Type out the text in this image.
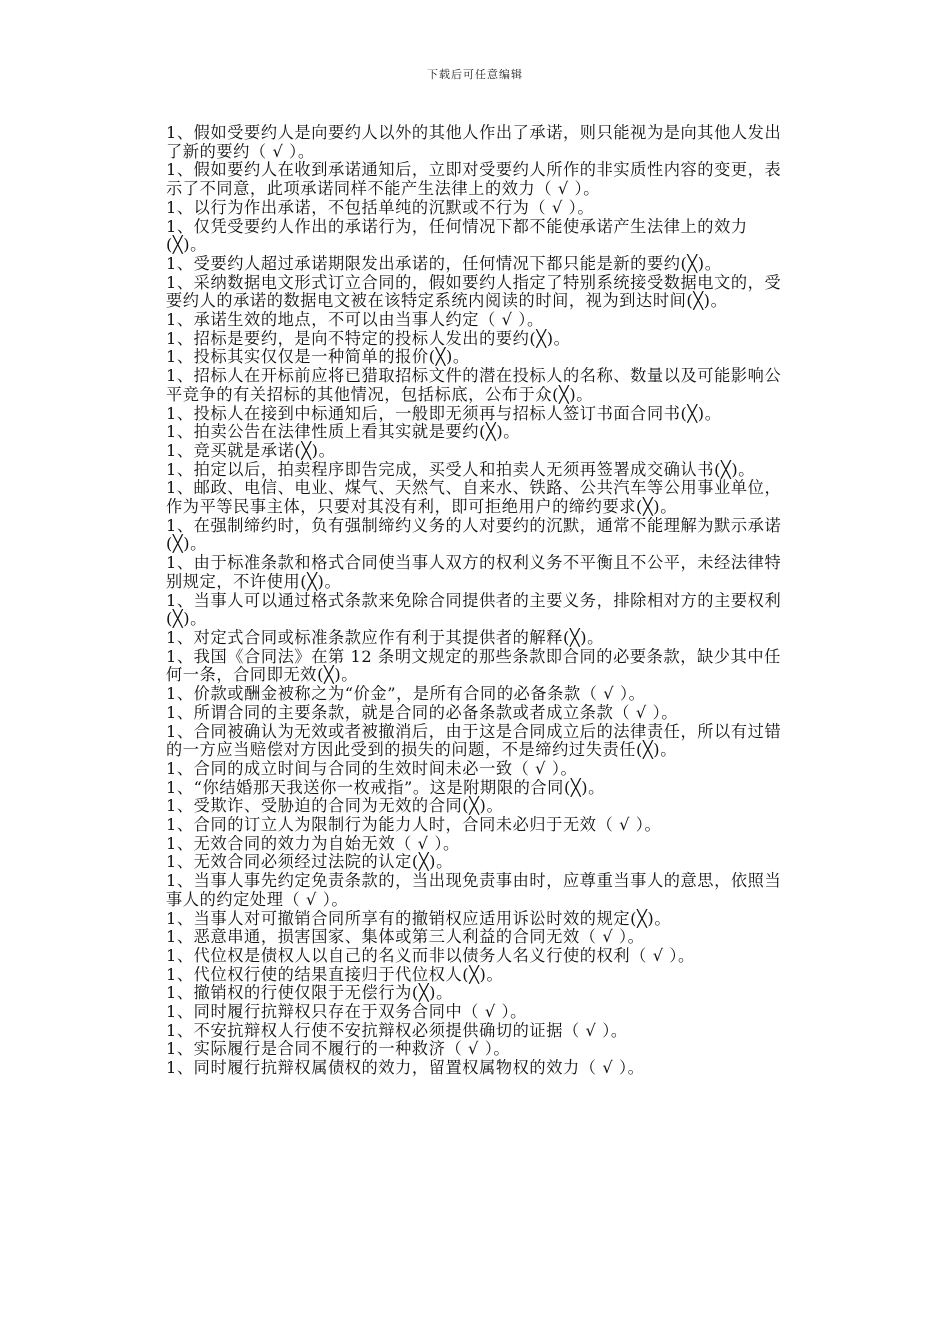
下载后可任意编辑

1、假如受要约人是向要约人以外的其他人作出了承诺，则只能视为是向其他人发出了新的要约（ √ ）。

1、假如要约人在收到承诺通知后，立即对受要约人所作的非实质性内容的变更，表示了不同意，此项承诺同样不能产生法律上的效力（ √ ）。

1、以行为作出承诺，不包括单纯的沉默或不行为（ √ ）。

1、仅凭受要约人作出的承诺行为，任何情况下都不能使承诺产生法律上的效力(╳)。

1、受要约人超过承诺期限发出承诺的，任何情况下都只能是新的要约(╳)。

1、采纳数据电文形式订立合同的，假如要约人指定了特别系统接受数据电文的，受要约人的承诺的数据电文被在该特定系统内阅读的时间，视为到达时间(╳)。

1、承诺生效的地点，不可以由当事人约定（ √ ）。

1、招标是要约，是向不特定的投标人发出的要约(╳)。

1、投标其实仅仅是一种简单的报价(╳)。

1、招标人在开标前应将已猎取招标文件的潜在投标人的名称、数量以及可能影响公平竞争的有关招标的其他情况，包括标底，公布于众(╳)。

1、投标人在接到中标通知后，一般即无须再与招标人签订书面合同书(╳)。

1、拍卖公告在法律性质上看其实就是要约(╳)。

1、竞买就是承诺(╳)。

1、拍定以后，拍卖程序即告完成，买受人和拍卖人无须再签署成交确认书(╳)。

1、邮政、电信、电业、煤气、天然气、自来水、铁路、公共汽车等公用事业单位，作为平等民事主体，只要对其没有利，即可拒绝用户的缔约要求(╳)。

1、在强制缔约时，负有强制缔约义务的人对要约的沉默，通常不能理解为默示承诺(╳)。

1、由于标准条款和格式合同使当事人双方的权利义务不平衡且不公平，未经法律特别规定，不许使用(╳)。

1、当事人可以通过格式条款来免除合同提供者的主要义务，排除相对方的主要权利(╳)。

1、对定式合同或标准条款应作有利于其提供者的解释(╳)。

1、我国《合同法》在第 12 条明文规定的那些条款即合同的必要条款，缺少其中任何一条，合同即无效(╳)。

1、价款或酬金被称之为“价金”，是所有合同的必备条款（ √ ）。

1、所谓合同的主要条款，就是合同的必备条款或者成立条款（ √ ）。

1、合同被确认为无效或者被撤消后，由于这是合同成立后的法律责任，所以有过错的一方应当赔偿对方因此受到的损失的问题，不是缔约过失责任(╳)。

1、合同的成立时间与合同的生效时间未必一致（ √ ）。

1、“你结婚那天我送你一枚戒指”。这是附期限的合同(╳)。

1、受欺诈、受胁迫的合同为无效的合同(╳)。

1、合同的订立人为限制行为能力人时，合同未必归于无效（ √ ）。

1、无效合同的效力为自始无效（ √ ）。

1、无效合同必须经过法院的认定(╳)。

1、当事人事先约定免责条款的，当出现免责事由时，应尊重当事人的意思，依照当事人的约定处理（ √ ）。

1、当事人对可撤销合同所享有的撤销权应适用诉讼时效的规定(╳)。

1、恶意串通，损害国家、集体或第三人利益的合同无效（ √ ）。

1、代位权是债权人以自己的名义而非以债务人名义行使的权利（ √ ）。

1、代位权行使的结果直接归于代位权人(╳)。

1、撤销权的行使仅限于无偿行为(╳)。

1、同时履行抗辩权只存在于双务合同中（ √ ）。

1、不安抗辩权人行使不安抗辩权必须提供确切的证据（ √ ）。

1、实际履行是合同不履行的一种救济（ √ ）。

1、同时履行抗辩权属债权的效力，留置权属物权的效力（ √ ）。
